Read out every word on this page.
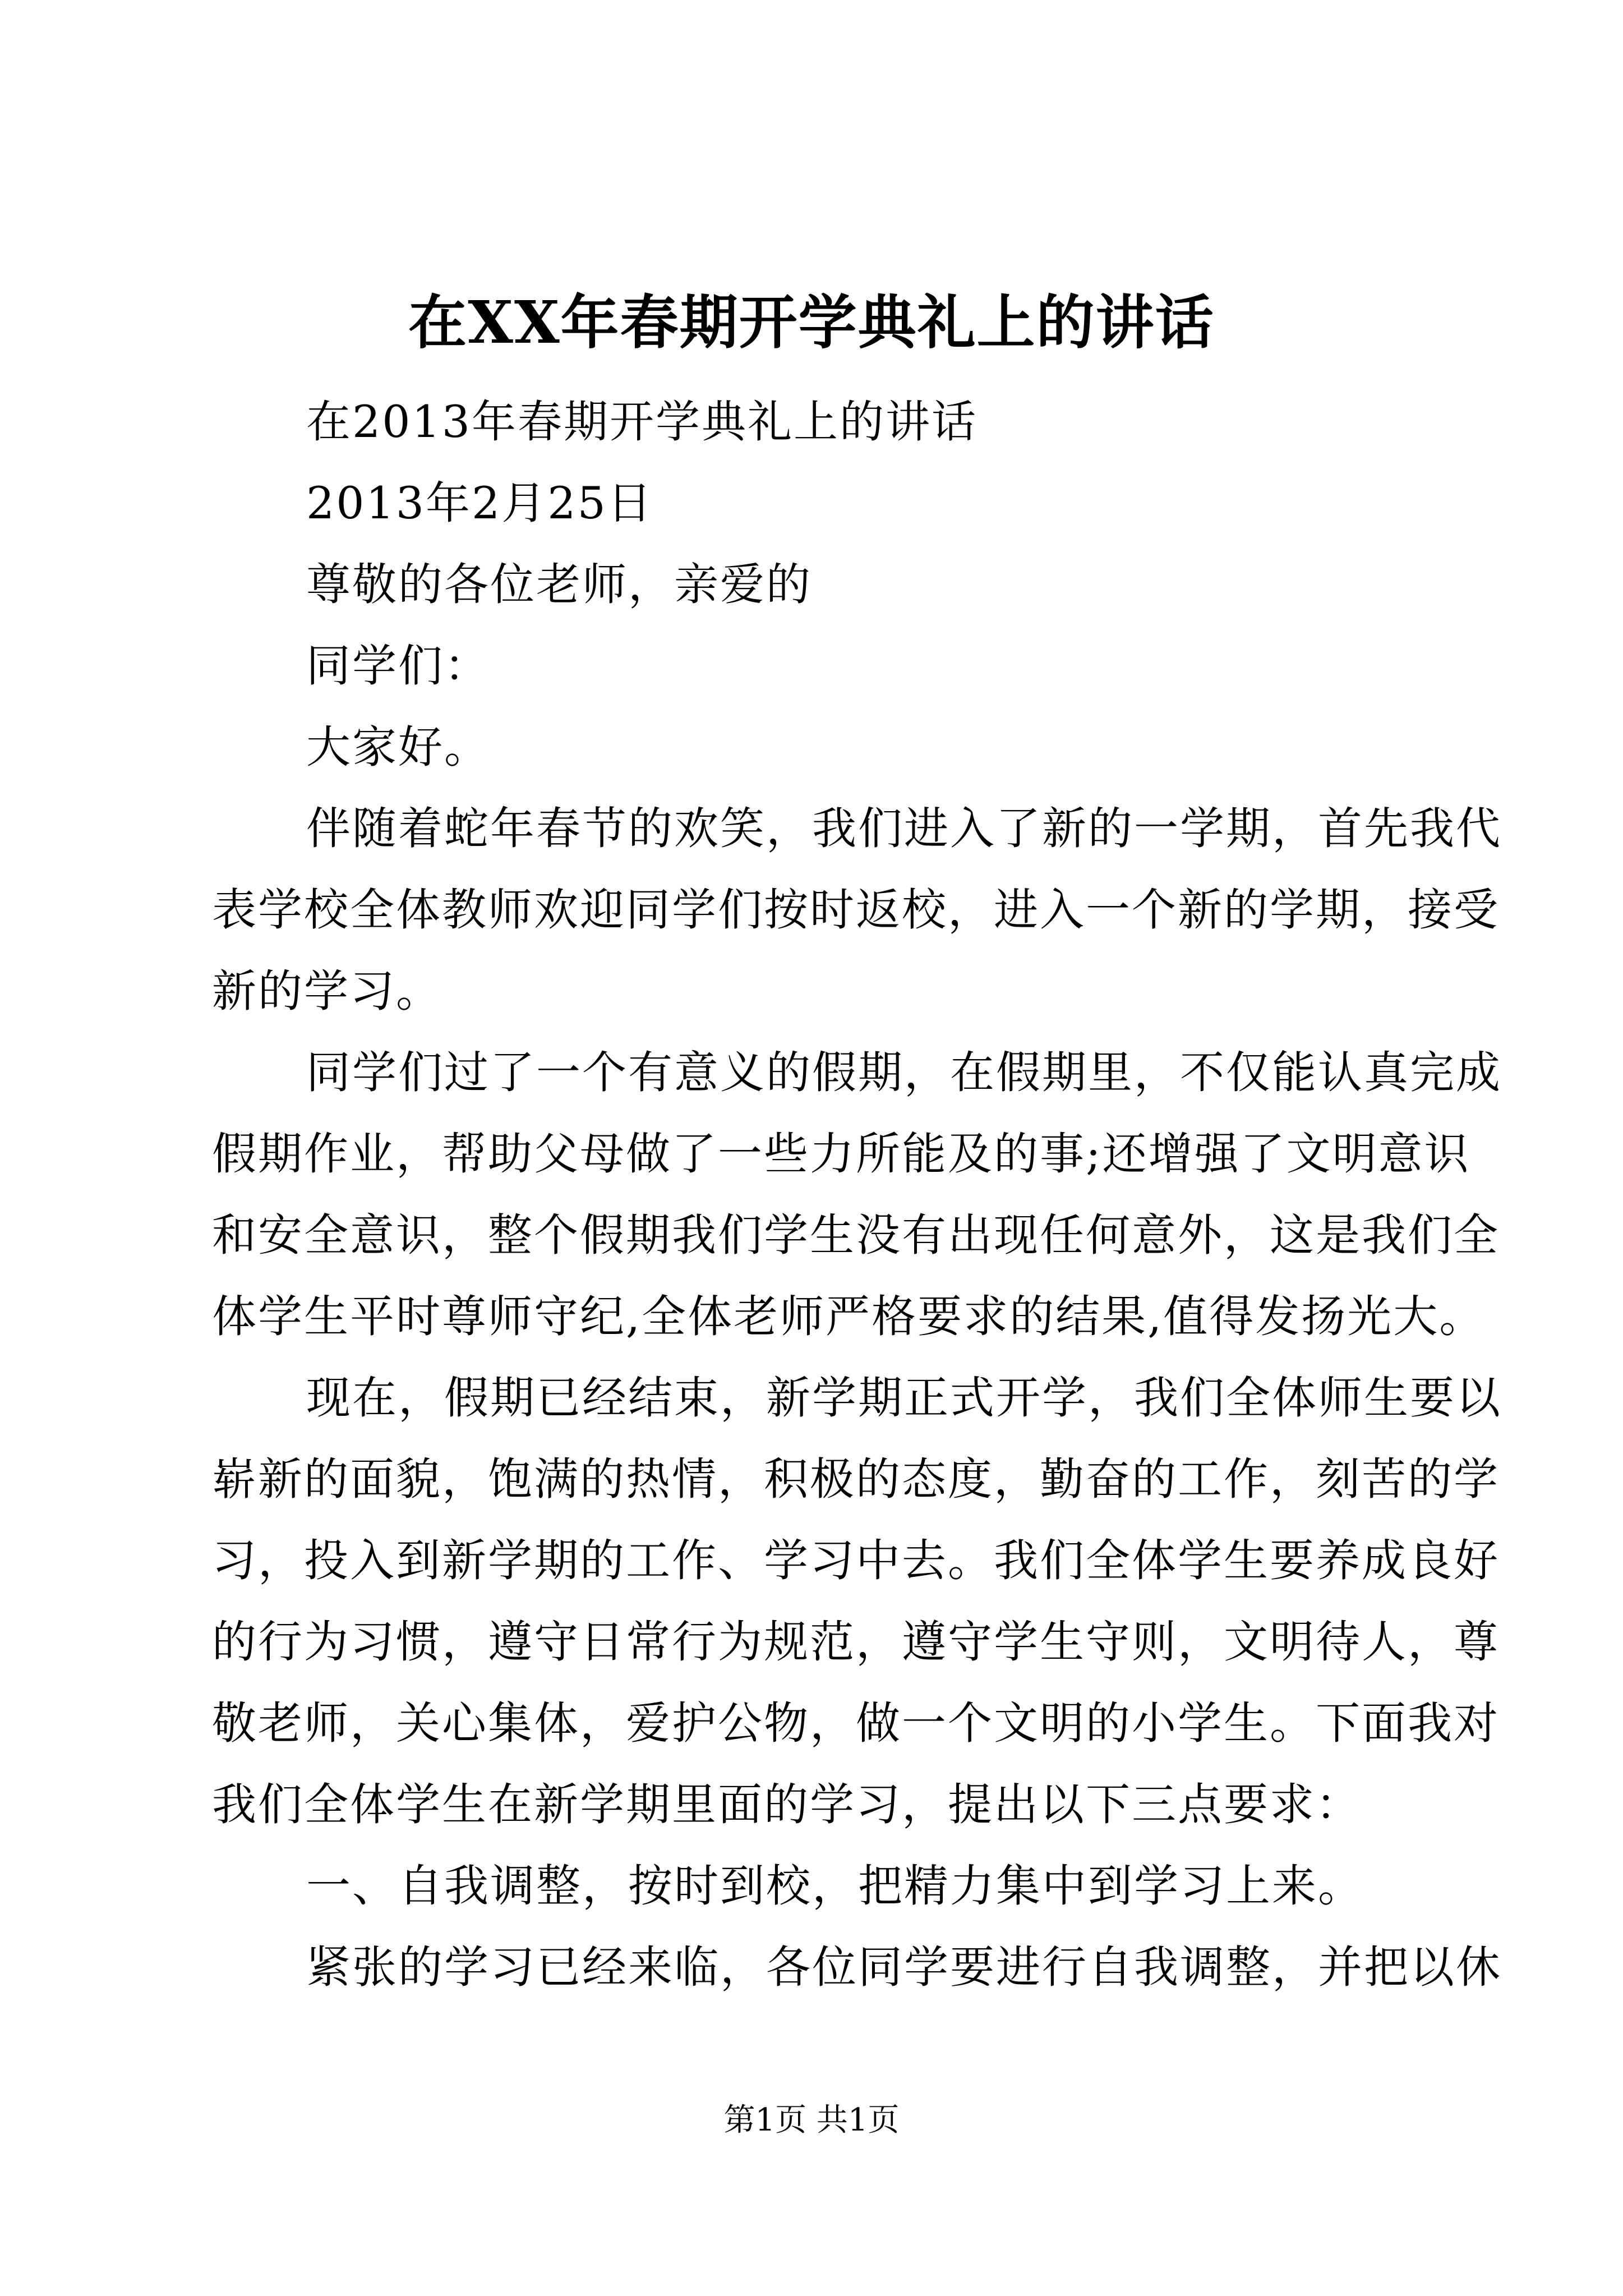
在XX年春期开学典礼上的讲话
在2013年春期开学典礼上的讲话
2013年2月25日
尊敬的各位老师，亲爱的
同学们：
大家好。
伴随着蛇年春节的欢笑，我们进入了新的一学期，首先我代
表学校全体教师欢迎同学们按时返校，进入一个新的学期，接受
新的学习。
同学们过了一个有意义的假期，在假期里，不仅能认真完成
假期作业，帮助父母做了一些力所能及的事;还增强了文明意识
和安全意识，整个假期我们学生没有出现任何意外，这是我们全
体学生平时尊师守纪,全体老师严格要求的结果,值得发扬光大。
现在，假期已经结束，新学期正式开学，我们全体师生要以
崭新的面貌，饱满的热情，积极的态度，勤奋的工作，刻苦的学
习，投入到新学期的工作、学习中去。我们全体学生要养成良好
的行为习惯，遵守日常行为规范，遵守学生守则，文明待人，尊
敬老师，关心集体，爱护公物，做一个文明的小学生。下面我对
我们全体学生在新学期里面的学习，提出以下三点要求：
一、自我调整，按时到校，把精力集中到学习上来。
紧张的学习已经来临，各位同学要进行自我调整，并把以休
第1页 共1页
